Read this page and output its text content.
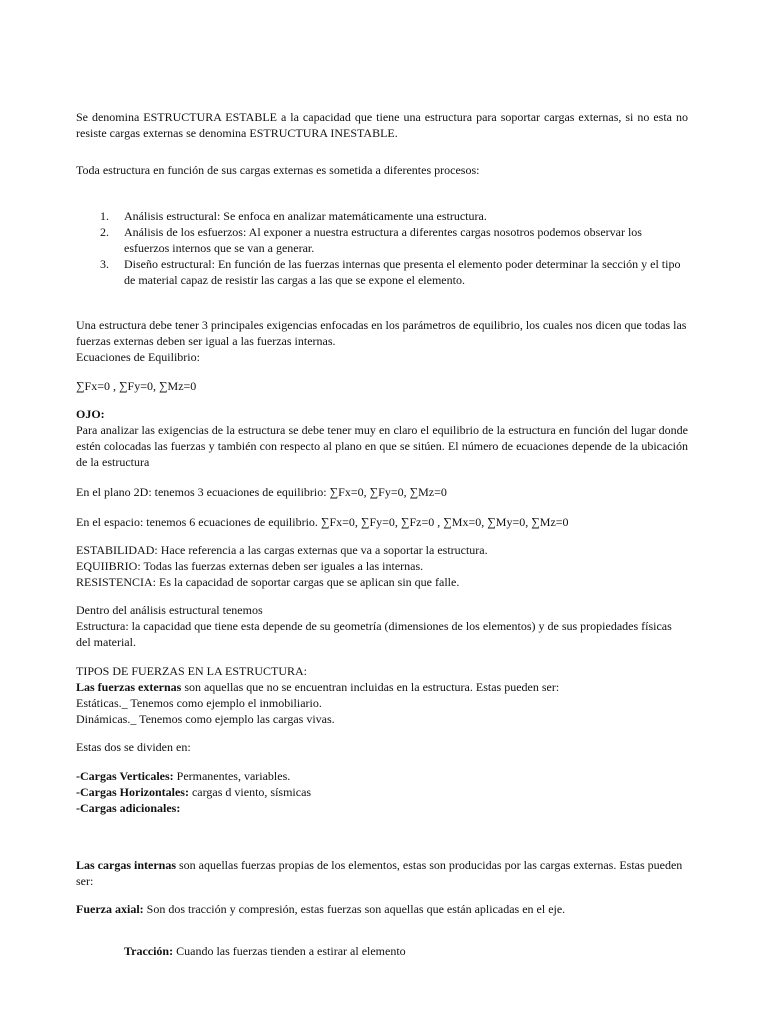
Se denomina ESTRUCTURA ESTABLE a la capacidad que tiene una estructura para soportar cargas externas, si no esta no resiste cargas externas se denomina ESTRUCTURA INESTABLE.

Toda estructura en función de sus cargas externas es sometida a diferentes procesos:

1. Análisis estructural: Se enfoca en analizar matemáticamente una estructura.
2. Análisis de los esfuerzos: Al exponer a nuestra estructura a diferentes cargas nosotros podemos observar los esfuerzos internos que se van a generar.
3. Diseño estructural: En función de las fuerzas internas que presenta el elemento poder determinar la sección y el tipo de material capaz de resistir las cargas a las que se expone el elemento.

Una estructura debe tener 3 principales exigencias enfocadas en los parámetros de equilibrio, los cuales nos dicen que todas las fuerzas externas deben ser igual a las fuerzas internas.

Ecuaciones de Equilibrio:

∑Fx=0 , ∑Fy=0, ∑Mz=0

OJO:

Para analizar las exigencias de la estructura se debe tener muy en claro el equilibrio de la estructura en función del lugar donde estén colocadas las fuerzas y también con respecto al plano en que se sitúen. El número de ecuaciones depende de la ubicación de la estructura

En el plano 2D: tenemos 3 ecuaciones de equilibrio: ∑Fx=0, ∑Fy=0, ∑Mz=0

En el espacio: tenemos 6 ecuaciones de equilibrio. ∑Fx=0, ∑Fy=0, ∑Fz=0 , ∑Mx=0, ∑My=0, ∑Mz=0

ESTABILIDAD: Hace referencia a las cargas externas que va a soportar la estructura.

EQUIIBRIO: Todas las fuerzas externas deben ser iguales a las internas.

RESISTENCIA: Es la capacidad de soportar cargas que se aplican sin que falle.

Dentro del análisis estructural tenemos

Estructura: la capacidad que tiene esta depende de su geometría (dimensiones de los elementos) y de sus propiedades físicas del material.

TIPOS DE FUERZAS EN LA ESTRUCTURA:

Las fuerzas externas son aquellas que no se encuentran incluidas en la estructura. Estas pueden ser:

Estáticas._ Tenemos como ejemplo el inmobiliario.

Dinámicas._ Tenemos como ejemplo las cargas vivas.

Estas dos se dividen en:

-Cargas Verticales: Permanentes, variables.

-Cargas Horizontales: cargas d viento, sísmicas

-Cargas adicionales:

Las cargas internas son aquellas fuerzas propias de los elementos, estas son producidas por las cargas externas. Estas pueden ser:

Fuerza axial: Son dos tracción y compresión, estas fuerzas son aquellas que están aplicadas en el eje.

Tracción: Cuando las fuerzas tienden a estirar al elemento
